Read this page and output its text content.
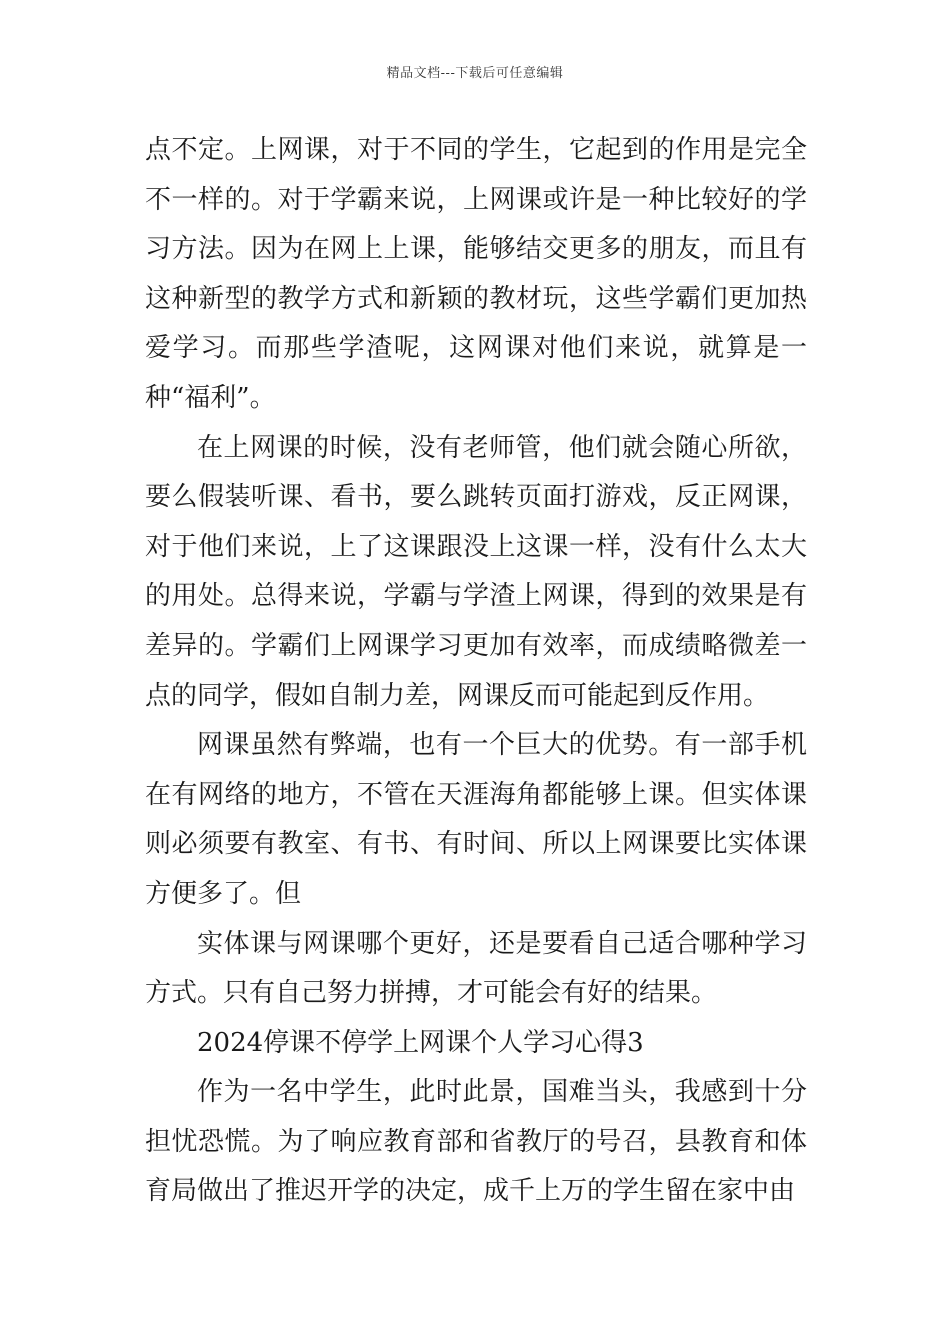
精品文档---下载后可任意编辑

点不定。上网课，对于不同的学生，它起到的作用是完全不一样的。对于学霸来说，上网课或许是一种比较好的学习方法。因为在网上上课，能够结交更多的朋友，而且有这种新型的教学方式和新颖的教材玩，这些学霸们更加热爱学习。而那些学渣呢，这网课对他们来说，就算是一种“福利”。

在上网课的时候，没有老师管，他们就会随心所欲，要么假装听课、看书，要么跳转页面打游戏，反正网课，对于他们来说，上了这课跟没上这课一样，没有什么太大的用处。总得来说，学霸与学渣上网课，得到的效果是有差异的。学霸们上网课学习更加有效率，而成绩略微差一点的同学，假如自制力差，网课反而可能起到反作用。

网课虽然有弊端，也有一个巨大的优势。有一部手机在有网络的地方，不管在天涯海角都能够上课。但实体课则必须要有教室、有书、有时间、所以上网课要比实体课方便多了。但

实体课与网课哪个更好，还是要看自己适合哪种学习方式。只有自己努力拼搏，才可能会有好的结果。

2024停课不停学上网课个人学习心得3

作为一名中学生，此时此景，国难当头，我感到十分担忧恐慌。为了响应教育部和省教厅的号召，县教育和体育局做出了推迟开学的决定，成千上万的学生留在家中由
